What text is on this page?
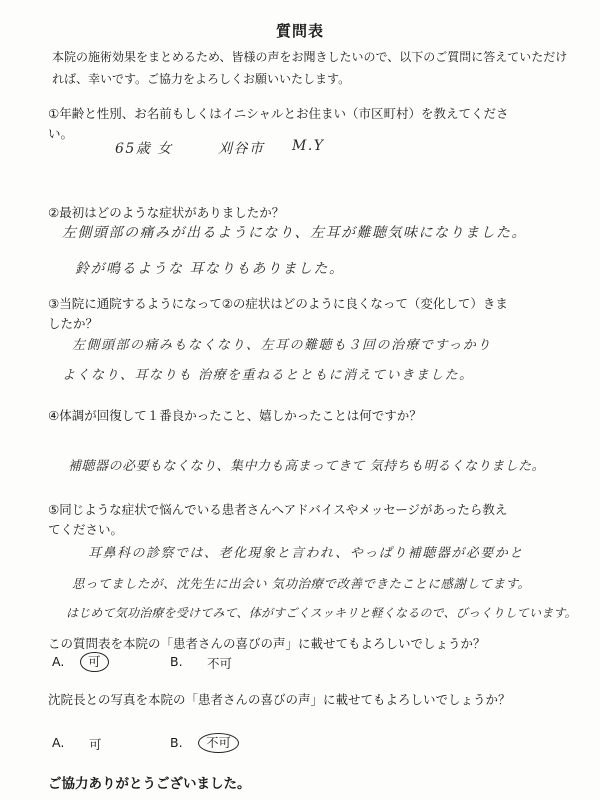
質問表
本院の施術効果をまとめるため、皆様の声をお聞きしたいので、以下のご質問に答えていただければ、幸いです。ご協力をよろしくお願いいたします。
①年齢と性別、お名前もしくはイニシャルとお住まい（市区町村）を教えてください。
65歳 女	刈谷市 M.Y
②最初はどのような症状がありましたか？
左側頭部の痛みが出るようになり、左耳が難聴気味になりました。
鈴が鳴るような 耳なりもありました。
③当院に通院するようになって②の症状はどのように良くなって（変化して）きましたか？
左側頭部の痛みもなくなり、左耳の難聴も３回の治療ですっかり
よくなり、耳なりも 治療を重ねるとともに消えていきました。
④体調が回復して１番良かったこと、嬉しかったことは何ですか？
補聴器の必要もなくなり、集中力も高まってきて 気持ちも明るくなりました。
⑤同じような症状で悩んでいる患者さんへアドバイスやメッセージがあったら教えてください。
耳鼻科の診察では、老化現象と言われ、やっぱり補聴器が必要かと
思ってましたが、沈先生に出会い 気功治療で改善できたことに感謝してます。
はじめて気功治療を受けてみて、体がすごくスッキリと軽くなるので、びっくりしています。
この質問表を本院の「患者さんの喜びの声」に載せてもよろしいでしょうか？
A.	可	B. 不可
沈院長との写真を本院の「患者さんの喜びの声」に載せてもよろしいでしょうか？
A. 可	B.	不可
ご協力ありがとうございました。
